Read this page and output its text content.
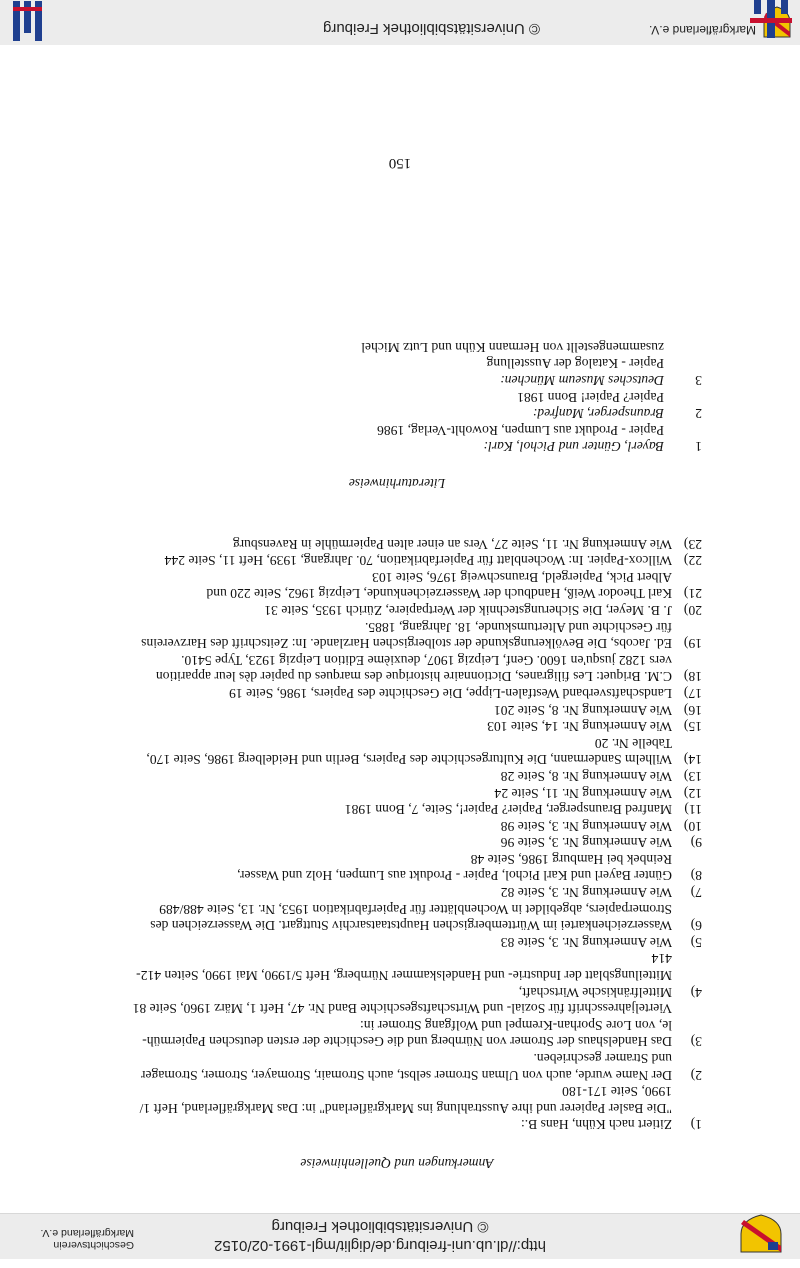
http://dl.ub.uni-freiburg.de/diglit/mgl-1991-02/0152
© Universitätsbibliothek Freiburg
Geschichtsverein Markgräflerland e.V.
Anmerkungen und Quellenhinweise
1)
Zitiert nach Kühn, Hans B.:
"Die Basler Papierer und ihre Ausstrahlung ins Markgräflerland" in: Das Markgräflerland, Heft 1/
1990, Seite 171-180
2)
Der Name wurde, auch von Ulman Stromer selbst, auch Stromair, Stromayer, Stromer, Stromager
und Stramer geschrieben.
3)
Das Handelshaus der Stromer von Nürnberg und die Geschichte der ersten deutschen Papiermüh-
le, von Lore Sporhan-Krempel und Wolfgang Stromer in:
Vierteljahresschrift für Sozial- und Wirtschaftsgeschichte Band Nr. 47, Heft 1, März 1960, Seite 81
4)
Mittelfränkische Wirtschaft,
Mitteilungsblatt der Industrie- und Handelskammer Nürnberg, Heft 5/1990, Mai 1990, Seiten 412-
414
5)
Wie Anmerkung Nr. 3, Seite 83
6)
Wasserzeichenkartei im Württembergischen Hauptstaatsarchiv Stuttgart. Die Wasserzeichen des
Stromerpapiers, abgebildet in Wochenblätter für Papierfabrikation 1953, Nr. 13, Seite 488/489
7)
Wie Anmerkung Nr. 3, Seite 82
8)
Günter Bayerl und Karl Pichol, Papier - Produkt aus Lumpen, Holz und Wasser,
Reinbek bei Hamburg 1986, Seite 48
9)
Wie Anmerkung Nr. 3, Seite 96
10)
Wie Anmerkung Nr. 3, Seite 98
11)
Manfred Braunsperger, Papier? Papier!, Seite, 7, Bonn 1981
12)
Wie Anmerkung Nr. 11, Seite 24
13)
Wie Anmerkung Nr. 8, Seite 28
14)
Wilhelm Sandermann, Die Kulturgeschichte des Papiers, Berlin und Heidelberg 1986, Seite 170,
Tabelle Nr. 20
15)
Wie Anmerkung Nr. 14, Seite 103
16)
Wie Anmerkung Nr. 8, Seite 201
17)
Landschaftsverband Westfalen-Lippe, Die Geschichte des Papiers, 1986, Seite 19
18)
C.M. Briquet: Les filigranes, Dictionnaire historique des marques du papier dès leur apparition
vers 1282 jusqu'en 1600. Genf, Leipzig 1907, deuxième Edition Leipzig 1923, Type 5410.
19)
Ed. Jacobs, Die Bevölkerungskunde der stolbergischen Harzlande. In: Zeitschrift des Harzvereins
für Geschichte und Altertumskunde, 18. Jahrgang, 1885.
20)
J. B. Meyer, Die Sicherungstechnik der Wertpapiere, Zürich 1935, Seite 31
21)
Karl Theodor Weiß, Handbuch der Wasserzeichenkunde, Leipzig 1962, Seite 220 und
Albert Pick, Papiergeld, Braunschweig 1976, Seite 103
22)
Willcox-Papier. In: Wochenblatt für Papierfabrikation, 70. Jahrgang, 1939, Heft 11, Seite 244
23)
Wie Anmerkung Nr. 11, Seite 27, Vers an einer alten Papiermühle in Ravensburg
Literaturhinweise
1
Bayerl, Günter und Pichol, Karl:
Papier - Produkt aus Lumpen, Rowohlt-Verlag, 1986
2
Braunsperger, Manfred:
Papier? Papier! Bonn 1981
3
Deutsches Museum München:
Papier - Katalog der Ausstellung
zusammengestellt von Hermann Kühn und Lutz Michel
150
Markgräflerland e.V.
© Universitätsbibliothek Freiburg
